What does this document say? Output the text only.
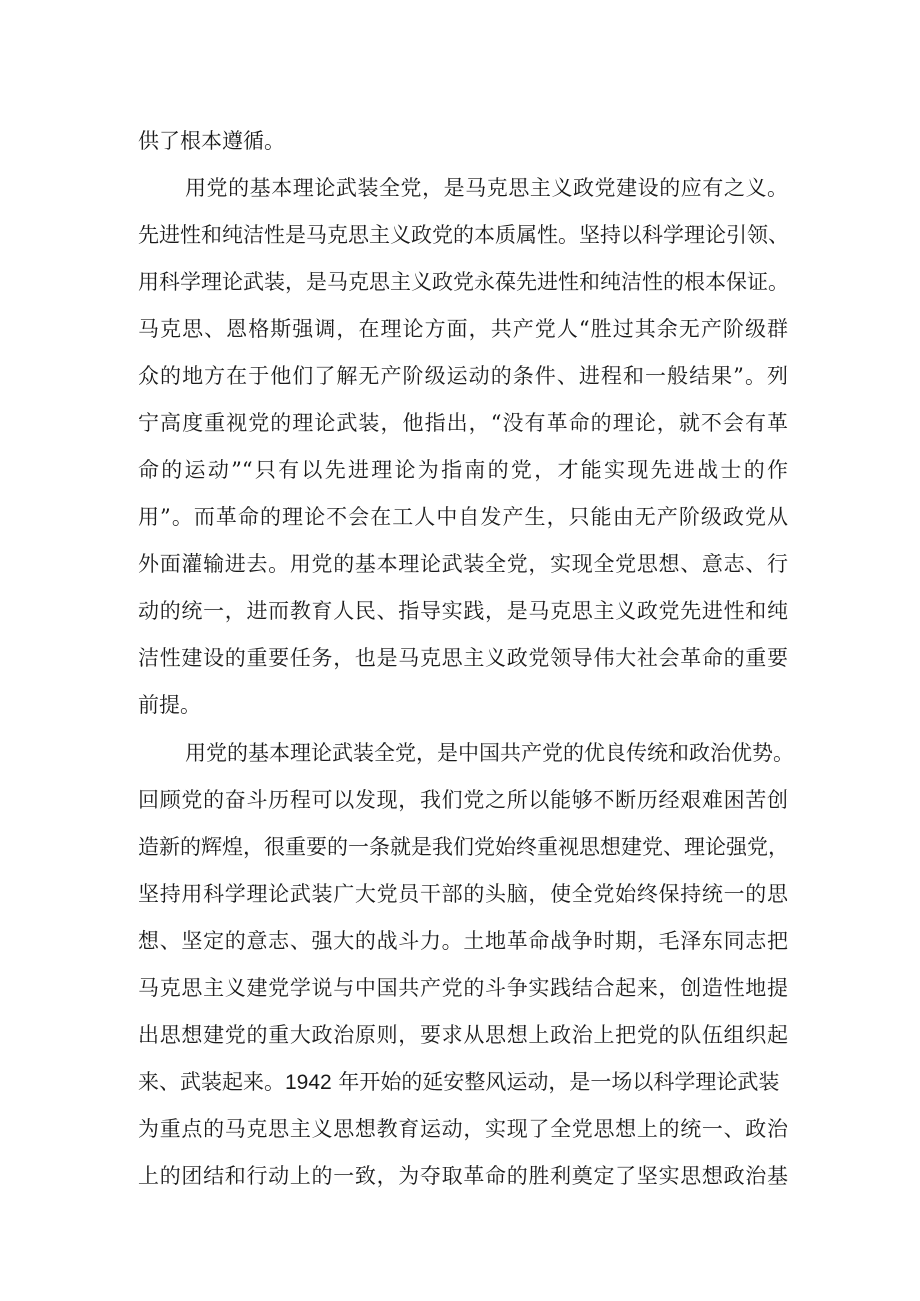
供了根本遵循。
用党的基本理论武装全党，是马克思主义政党建设的应有之义。
先进性和纯洁性是马克思主义政党的本质属性。坚持以科学理论引领、
用科学理论武装，是马克思主义政党永葆先进性和纯洁性的根本保证。
马克思、恩格斯强调，在理论方面，共产党人“胜过其余无产阶级群
众的地方在于他们了解无产阶级运动的条件、进程和一般结果”。列
宁高度重视党的理论武装，他指出，“没有革命的理论，就不会有革
命的运动”“只有以先进理论为指南的党，才能实现先进战士的作
用”。而革命的理论不会在工人中自发产生，只能由无产阶级政党从
外面灌输进去。用党的基本理论武装全党，实现全党思想、意志、行
动的统一，进而教育人民、指导实践，是马克思主义政党先进性和纯
洁性建设的重要任务，也是马克思主义政党领导伟大社会革命的重要
前提。
用党的基本理论武装全党，是中国共产党的优良传统和政治优势。
回顾党的奋斗历程可以发现，我们党之所以能够不断历经艰难困苦创
造新的辉煌，很重要的一条就是我们党始终重视思想建党、理论强党，
坚持用科学理论武装广大党员干部的头脑，使全党始终保持统一的思
想、坚定的意志、强大的战斗力。土地革命战争时期，毛泽东同志把
马克思主义建党学说与中国共产党的斗争实践结合起来，创造性地提
出思想建党的重大政治原则，要求从思想上政治上把党的队伍组织起
来、武装起来。1942 年开始的延安整风运动，是一场以科学理论武装
为重点的马克思主义思想教育运动，实现了全党思想上的统一、政治
上的团结和行动上的一致，为夺取革命的胜利奠定了坚实思想政治基
